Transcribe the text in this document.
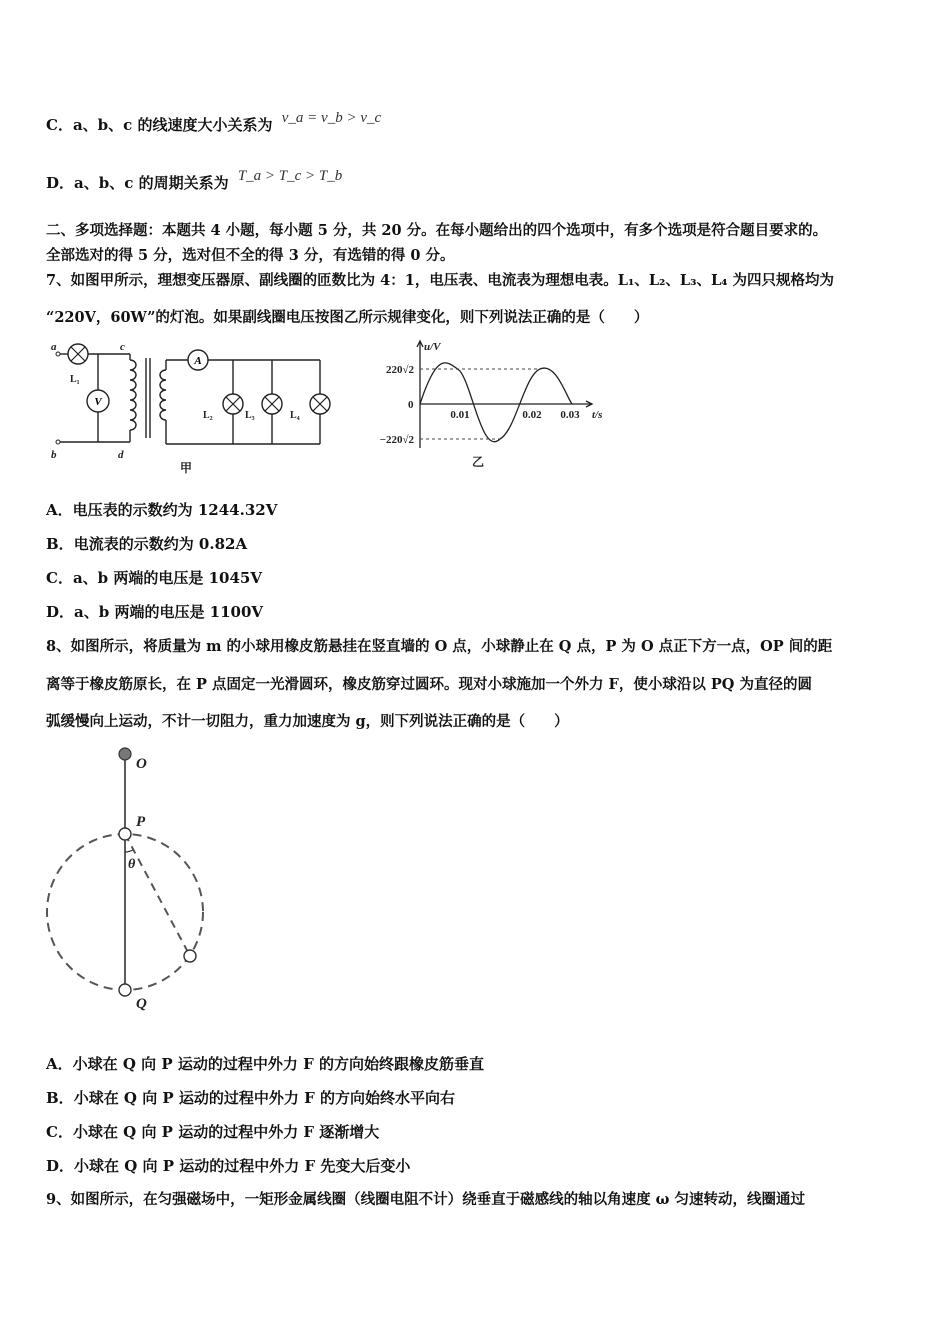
C．a、b、c 的线速度大小关系为 v_a = v_b > v_c
D．a、b、c 的周期关系为 T_a > T_c > T_b
二、多项选择题：本题共 4 小题，每小题 5 分，共 20 分。在每小题给出的四个选项中，有多个选项是符合题目要求的。
全部选对的得 5 分，选对但不全的得 3 分，有选错的得 0 分。
7、如图甲所示，理想变压器原、副线圈的匝数比为 4：1，电压表、电流表为理想电表。L₁、L₂、L₃、L₄ 为四只规格均为
“220V，60W”的灯泡。如果副线圈电压按图乙所示规律变化，则下列说法正确的是（　　）
V
A
a
b
c
d
L₁
L₂	L₃	L₄
甲
u/V
t/s
220√2
−220√2
0
0.01	0.02 0.03
乙
A．电压表的示数约为 1244.32V
B．电流表的示数约为 0.82A
C．a、b 两端的电压是 1045V
D．a、b 两端的电压是 1100V
8、如图所示，将质量为 m 的小球用橡皮筋悬挂在竖直墙的 O 点，小球静止在 Q 点，P 为 O 点正下方一点，OP 间的距
离等于橡皮筋原长，在 P 点固定一光滑圆环，橡皮筋穿过圆环。现对小球施加一个外力 F，使小球沿以 PQ 为直径的圆
弧缓慢向上运动，不计一切阻力，重力加速度为 g，则下列说法正确的是（　　）
O
P
Q
θ
A．小球在 Q 向 P 运动的过程中外力 F 的方向始终跟橡皮筋垂直
B．小球在 Q 向 P 运动的过程中外力 F 的方向始终水平向右
C．小球在 Q 向 P 运动的过程中外力 F 逐渐增大
D．小球在 Q 向 P 运动的过程中外力 F 先变大后变小
9、如图所示，在匀强磁场中，一矩形金属线圈（线圈电阻不计）绕垂直于磁感线的轴以角速度 ω 匀速转动，线圈通过
